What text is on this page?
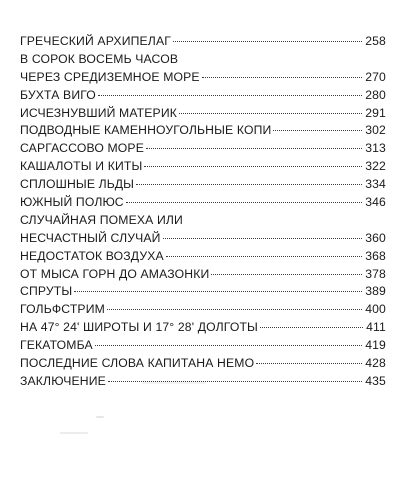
ГРЕЧЕСКИЙ АРХИПЕЛАГ	258
В СОРОК ВОСЕМЬ ЧАСОВ
ЧЕРЕЗ СРЕДИЗЕМНОЕ МОРЕ	270
БУХТА ВИГО	280
ИСЧЕЗНУВШИЙ МАТЕРИК	291
ПОДВОДНЫЕ КАМЕННОУГОЛЬНЫЕ КОПИ	302
САРГАССОВО МОРЕ	313
КАШАЛОТЫ И КИТЫ	322
СПЛОШНЫЕ ЛЬДЫ	334
ЮЖНЫЙ ПОЛЮС	346
СЛУЧАЙНАЯ ПОМЕХА ИЛИ
НЕСЧАСТНЫЙ СЛУЧАЙ	360
НЕДОСТАТОК ВОЗДУХА	368
ОТ МЫСА ГОРН ДО АМАЗОНКИ	378
СПРУТЫ	389
ГОЛЬФСТРИМ	400
НА 47° 24' ШИРОТЫ И 17° 28' ДОЛГОТЫ	411
ГЕКАТОМБА	419
ПОСЛЕДНИЕ СЛОВА КАПИТАНА НЕМО	428
ЗАКЛЮЧЕНИЕ	435
